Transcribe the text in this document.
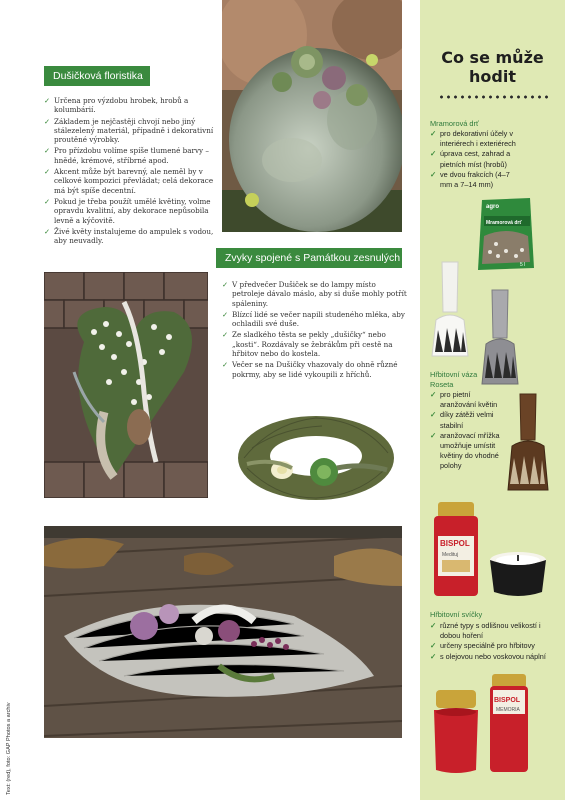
Dušičková floristika
✓ Určena pro výzdobu hrobek, hrobů a kolumbárií.
✓ Základem je nejčastěji chvojí nebo jiný stálezelený materiál, případně i dekorativní proutěné výrobky.
✓ Pro přízdobu volíme spíše tlumené barvy – hnědé, krémové, stříbrné apod.
✓ Akcent může být barevný, ale neměl by v celkové kompozici převládat; celá dekorace má být spíše decentní.
✓ Pokud je třeba použít umělé květiny, volme opravdu kvalitní, aby dekorace nepůsobila levně a kýčovitě.
✓ Živé květy instalujeme do ampulek s vodou, aby neuvadly.
Zvyky spojené s Památkou zesnulých
✓ V předvečer Dušiček se do lampy místo petroleje dávalo máslo, aby si duše mohly potřít spáleniny.
✓ Blízcí lidé se večer napili studeného mléka, aby ochladili své duše.
✓ Ze sladkého těsta se pekly „dušičky“ nebo „kosti“. Rozdávaly se žebrákům při cestě na hřbitov nebo do kostela.
✓ Večer se na Dušičky vhazovaly do ohně různé pokrmy, aby se lidé vykoupili z hříchů.
Text: (red), foto: GAP Photos a archiv
Co se může
hodit
Mramorová drť
✓ pro dekorativní účely v interiérech i exteriérech
✓ úprava cest, zahrad a pietních míst (hrobů)
✓ ve dvou frakcích (4–7 mm a 7–14 mm)
agro
Mramorová drť
5 l
Hřbitovní váza
Roseta
✓ pro pietní aranžování květin
✓ díky zátěži velmi stabilní
✓ aranžovací mřížka umožňuje umístit květiny do vhodné polohy
BISPOL
Medituj
Hřbitovní svíčky
✓ různé typy s odlišnou velikostí i dobou hoření
✓ určeny speciálně pro hřbitovy
✓ s olejovou nebo voskovou náplní
BISPOL
MEMORIA
